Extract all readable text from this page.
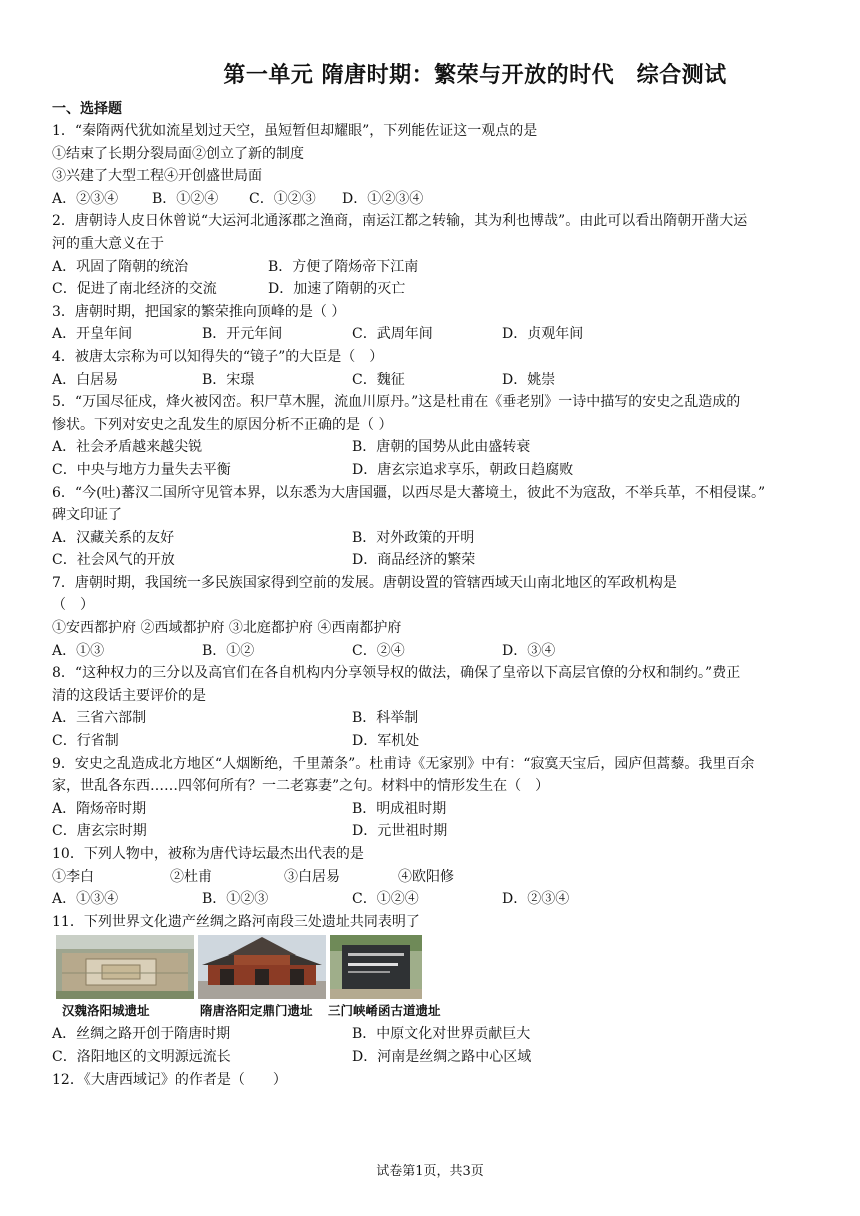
第一单元 隋唐时期：繁荣与开放的时代　综合测试
一、选择题
1．“秦隋两代犹如流星划过天空，虽短暂但却耀眼”，下列能佐证这一观点的是
①结束了长期分裂局面②创立了新的制度
③兴建了大型工程④开创盛世局面
A．②③④ B．①②④ C．①②③ D．①②③④
2．唐朝诗人皮日休曾说“大运河北通涿郡之渔商，南运江都之转输，其为利也博哉”。由此可以看出隋朝开凿大运
河的重大意义在于
A．巩固了隋朝的统治	B．方便了隋炀帝下江南
C．促进了南北经济的交流	D．加速了隋朝的灭亡
3．唐朝时期，把国家的繁荣推向顶峰的是（ ）
A．开皇年间	B．开元年间	C．武周年间	D．贞观年间
4．被唐太宗称为可以知得失的“镜子”的大臣是（　）
A．白居易	B．宋璟	C．魏征	D．姚崇
5．“万国尽征戍，烽火被冈峦。积尸草木腥，流血川原丹。”这是杜甫在《垂老别》一诗中描写的安史之乱造成的
惨状。下列对安史之乱发生的原因分析不正确的是（ ）
A．社会矛盾越来越尖锐	B．唐朝的国势从此由盛转衰
C．中央与地方力量失去平衡	D．唐玄宗追求享乐，朝政日趋腐败
6．“今(吐)蕃汉二国所守见管本界，以东悉为大唐国疆，以西尽是大蕃境土，彼此不为寇敌，不举兵革，不相侵谋。”
碑文印证了
A．汉藏关系的友好	B．对外政策的开明
C．社会风气的开放	D．商品经济的繁荣
7．唐朝时期，我国统一多民族国家得到空前的发展。唐朝设置的管辖西域天山南北地区的军政机构是
（　）
①安西都护府 ②西域都护府 ③北庭都护府 ④西南都护府
A．①③	B．①②	C．②④	D．③④
8．“这种权力的三分以及高官们在各自机构内分享领导权的做法，确保了皇帝以下高层官僚的分权和制约。”费正
清的这段话主要评价的是
A．三省六部制	B．科举制
C．行省制	D．军机处
9．安史之乱造成北方地区“人烟断绝，千里萧条”。杜甫诗《无家别》中有：“寂寞天宝后，园庐但蒿藜。我里百余
家，世乱各东西……四邻何所有？一二老寡妻”之句。材料中的情形发生在（　）
A．隋炀帝时期	B．明成祖时期
C．唐玄宗时期	D．元世祖时期
10．下列人物中，被称为唐代诗坛最杰出代表的是
①李白	②杜甫	③白居易	④欧阳修
A．①③④	B．①②③	C．①②④	D．②③④
11．下列世界文化遗产丝绸之路河南段三处遗址共同表明了
汉魏洛阳城遗址	隋唐洛阳定鼎门遗址 三门峡崤函古道遗址
A．丝绸之路开创于隋唐时期	B．中原文化对世界贡献巨大
C．洛阳地区的文明源远流长	D．河南是丝绸之路中心区域
12．《大唐西域记》的作者是（　　）
试卷第1页，共3页
